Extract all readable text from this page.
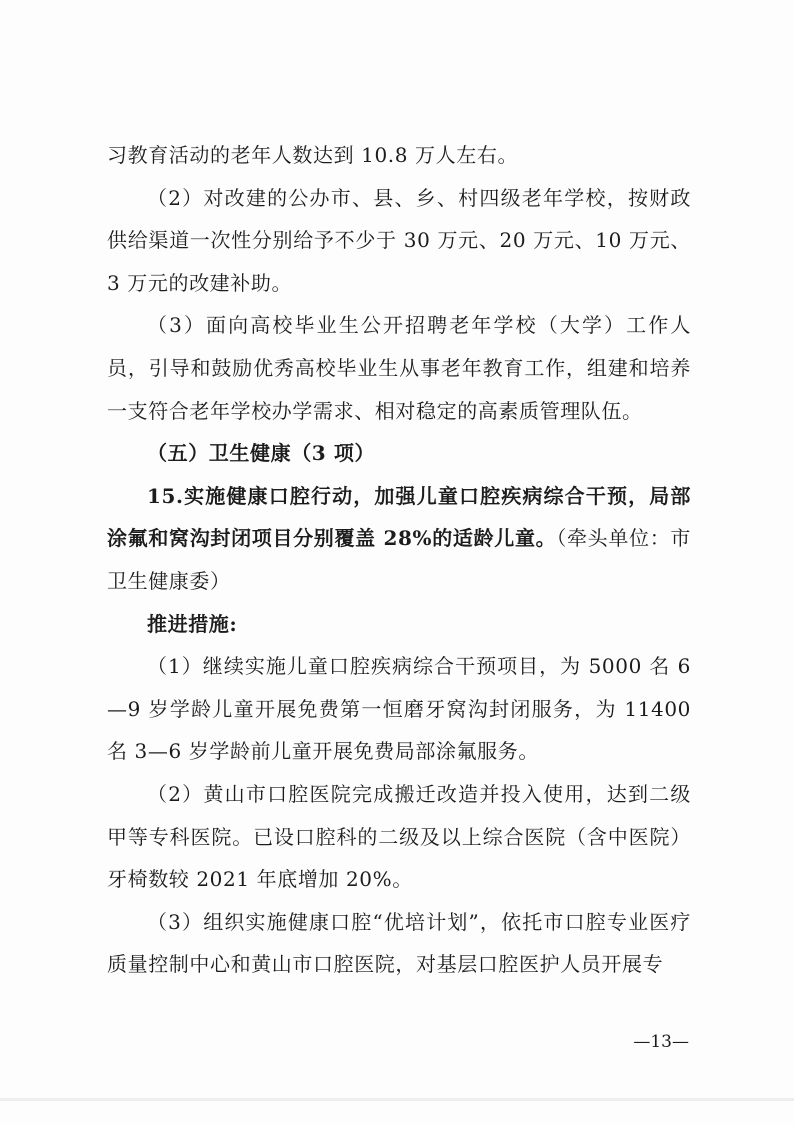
习教育活动的老年人数达到 10.8 万人左右。

（2）对改建的公办市、县、乡、村四级老年学校，按财政供给渠道一次性分别给予不少于 30 万元、20 万元、10 万元、3 万元的改建补助。

（3）面向高校毕业生公开招聘老年学校（大学）工作人员，引导和鼓励优秀高校毕业生从事老年教育工作，组建和培养一支符合老年学校办学需求、相对稳定的高素质管理队伍。

（五）卫生健康（3 项）

15.实施健康口腔行动，加强儿童口腔疾病综合干预，局部涂氟和窝沟封闭项目分别覆盖 28%的适龄儿童。（牵头单位：市卫生健康委）

推进措施:

（1）继续实施儿童口腔疾病综合干预项目，为 5000 名 6—9 岁学龄儿童开展免费第一恒磨牙窝沟封闭服务，为 11400 名 3—6 岁学龄前儿童开展免费局部涂氟服务。

（2）黄山市口腔医院完成搬迁改造并投入使用，达到二级甲等专科医院。已设口腔科的二级及以上综合医院（含中医院）牙椅数较 2021 年底增加 20%。

（3）组织实施健康口腔“优培计划”，依托市口腔专业医疗质量控制中心和黄山市口腔医院，对基层口腔医护人员开展专

—13—
